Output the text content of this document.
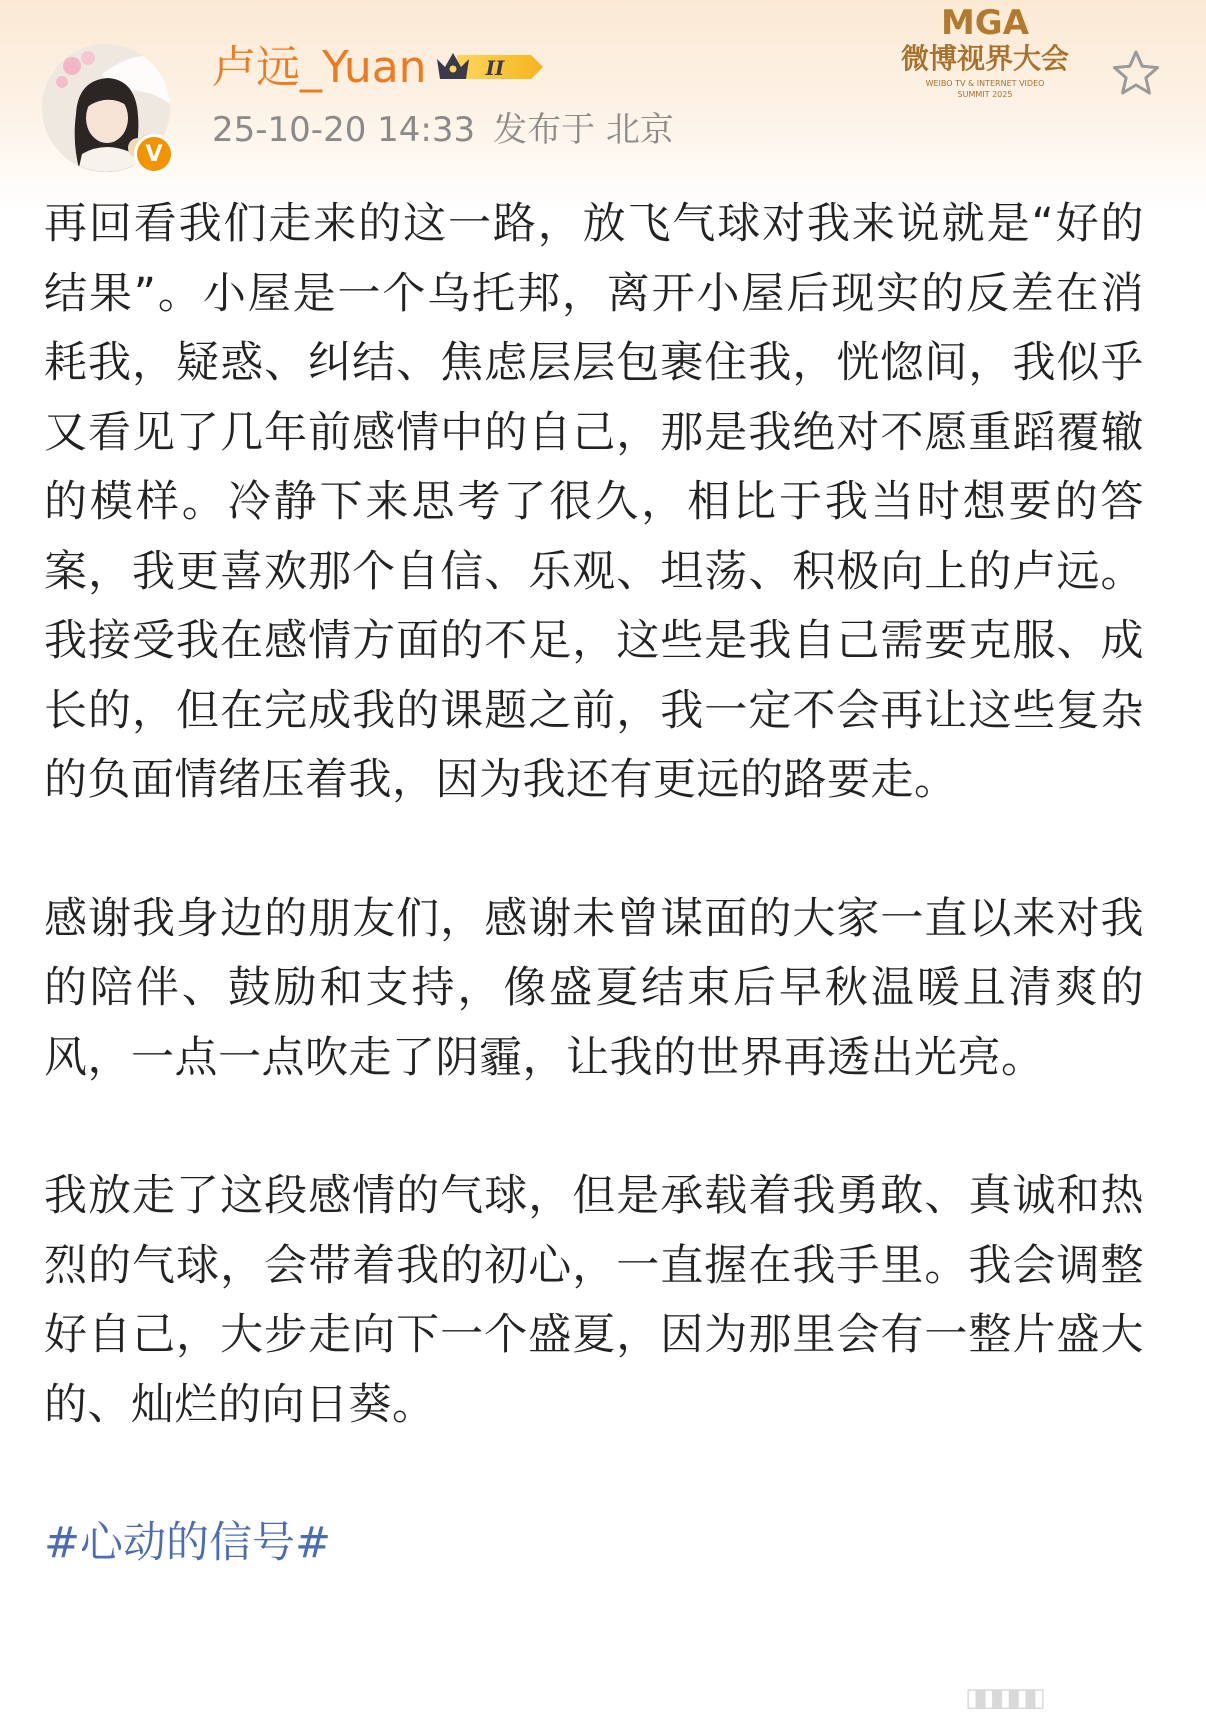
V
卢远_Yuan	II
25-10-20 14:33 发布于 北京
MGA
微博视界大会
WEIBO TV & INTERNET VIDEO
SUMMIT 2025

再回看我们走来的这一路，放飞气球对我来说就是“好的结果”。小屋是一个乌托邦，离开小屋后现实的反差在消耗我，疑惑、纠结、焦虑层层包裹住我，恍惚间，我似乎又看见了几年前感情中的自己，那是我绝对不愿重蹈覆辙的模样。冷静下来思考了很久，相比于我当时想要的答案，我更喜欢那个自信、乐观、坦荡、积极向上的卢远。我接受我在感情方面的不足，这些是我自己需要克服、成长的，但在完成我的课题之前，我一定不会再让这些复杂的负面情绪压着我，因为我还有更远的路要走。

感谢我身边的朋友们，感谢未曾谋面的大家一直以来对我的陪伴、鼓励和支持，像盛夏结束后早秋温暖且清爽的风，一点一点吹走了阴霾，让我的世界再透出光亮。

我放走了这段感情的气球，但是承载着我勇敢、真诚和热烈的气球，会带着我的初心，一直握在我手里。我会调整好自己，大步走向下一个盛夏，因为那里会有一整片盛大的、灿烂的向日葵。

#心动的信号#
▯▮▯▮▯▮▯▮▯
